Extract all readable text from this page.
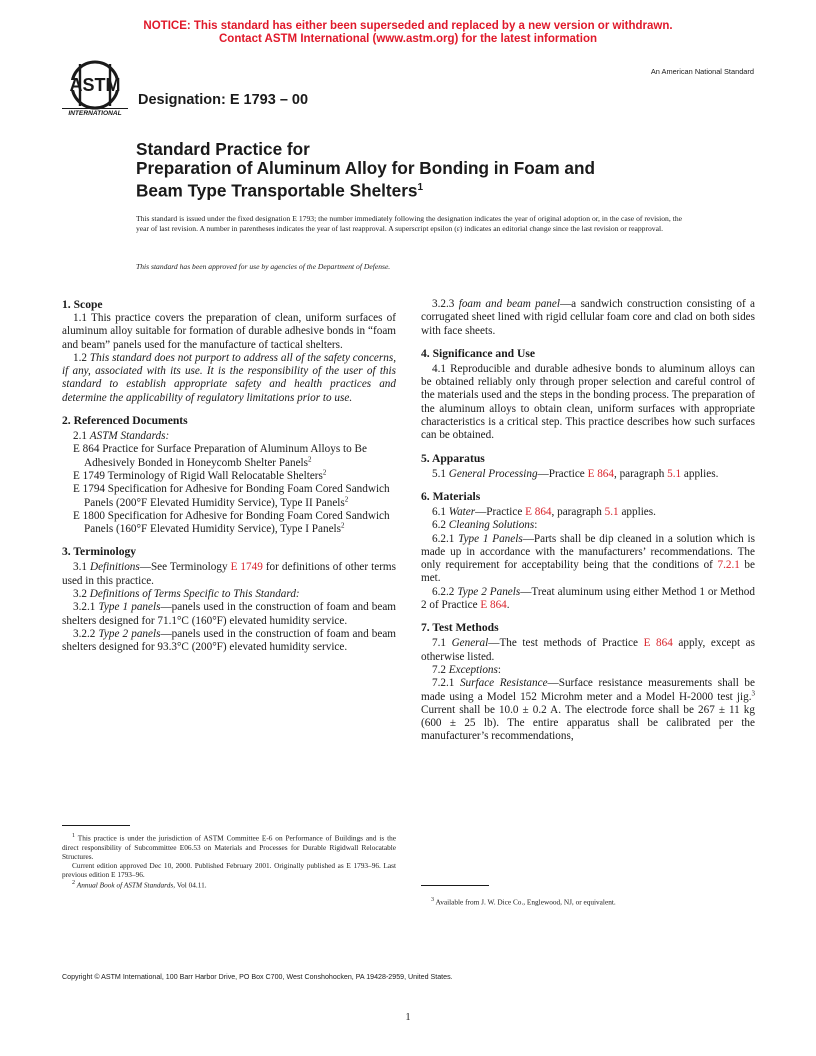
NOTICE: This standard has either been superseded and replaced by a new version or withdrawn.
Contact ASTM International (www.astm.org) for the latest information
ASTM
INTERNATIONAL
Designation: E 1793 – 00
An American National Standard
Standard Practice for
Preparation of Aluminum Alloy for Bonding in Foam and
Beam Type Transportable Shelters$^1$
This standard is issued under the fixed designation E 1793; the number immediately following the designation indicates the year of original adoption or, in the case of revision, the year of last revision. A number in parentheses indicates the year of last reapproval. A superscript epsilon (ε) indicates an editorial change since the last revision or reapproval.
This standard has been approved for use by agencies of the Department of Defense.
1. Scope

1.1 This practice covers the preparation of clean, uniform surfaces of aluminum alloy suitable for formation of durable adhesive bonds in “foam and beam” panels used for the manufacture of tactical shelters.

1.2 This standard does not purport to address all of the safety concerns, if any, associated with its use. It is the responsibility of the user of this standard to establish appropriate safety and health practices and determine the applicability of regulatory limitations prior to use.

2. Referenced Documents

2.1 ASTM Standards:

E 864 Practice for Surface Preparation of Aluminum Alloys to Be Adhesively Bonded in Honeycomb Shelter Panels$^2$

E 1749 Terminology of Rigid Wall Relocatable Shelters$^2$

E 1794 Specification for Adhesive for Bonding Foam Cored Sandwich Panels (200°F Elevated Humidity Service), Type II Panels$^2$

E 1800 Specification for Adhesive for Bonding Foam Cored Sandwich Panels (160°F Elevated Humidity Service), Type I Panels$^2$

3. Terminology

3.1 Definitions—See Terminology E 1749 for definitions of other terms used in this practice.

3.2 Definitions of Terms Specific to This Standard:

3.2.1 Type 1 panels—panels used in the construction of foam and beam shelters designed for 71.1°C (160°F) elevated humidity service.

3.2.2 Type 2 panels—panels used in the construction of foam and beam shelters designed for 93.3°C (200°F) elevated humidity service.

3.2.3 foam and beam panel—a sandwich construction consisting of a corrugated sheet lined with rigid cellular foam core and clad on both sides with face sheets.

4. Significance and Use

4.1 Reproducible and durable adhesive bonds to aluminum alloys can be obtained reliably only through proper selection and careful control of the materials used and the steps in the bonding process. The preparation of the aluminum alloys to obtain clean, uniform surfaces with appropriate characteristics is a critical step. This practice describes how such surfaces can be obtained.

5. Apparatus

5.1 General Processing—Practice E 864, paragraph 5.1 applies.

6. Materials

6.1 Water—Practice E 864, paragraph 5.1 applies.

6.2 Cleaning Solutions:

6.2.1 Type 1 Panels—Parts shall be dip cleaned in a solution which is made up in accordance with the manufacturers’ recommendations. The only requirement for acceptability being that the conditions of 7.2.1 be met.

6.2.2 Type 2 Panels—Treat aluminum using either Method 1 or Method 2 of Practice E 864.

7. Test Methods

7.1 General—The test methods of Practice E 864 apply, except as otherwise listed.

7.2 Exceptions:

7.2.1 Surface Resistance—Surface resistance measurements shall be made using a Model 152 Microhm meter and a Model H-2000 test jig.$^3$ Current shall be 10.0 ± 0.2 A. The electrode force shall be 267 ± 11 kg (600 ± 25 lb). The entire apparatus shall be calibrated per the manufacturer’s recommendations,

$^1$ This practice is under the jurisdiction of ASTM Committee E-6 on Performance of Buildings and is the direct responsibility of Subcommittee E06.53 on Materials and Processes for Durable Rigidwall Relocatable Structures.

Current edition approved Dec 10, 2000. Published February 2001. Originally published as E 1793–96. Last previous edition E 1793–96.

$^2$ Annual Book of ASTM Standards, Vol 04.11.

$^3$ Available from J. W. Dice Co., Englewood, NJ, or equivalent.

Copyright © ASTM International, 100 Barr Harbor Drive, PO Box C700, West Conshohocken, PA 19428-2959, United States.
1
